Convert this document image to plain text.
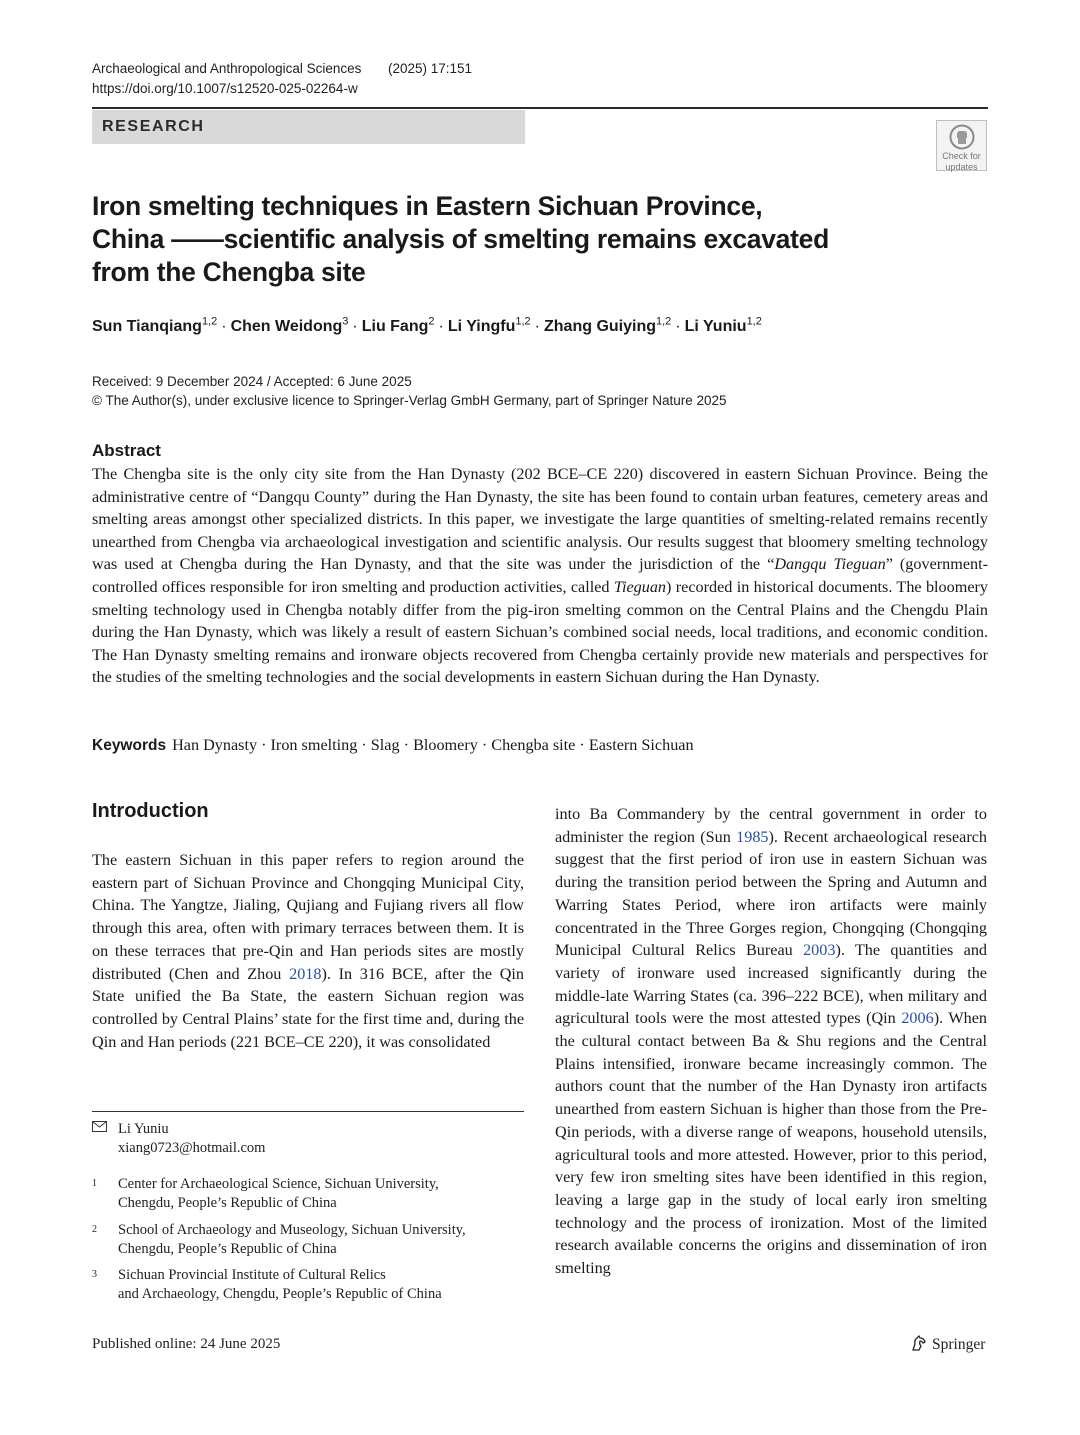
Archaeological and Anthropological Sciences (2025) 17:151
https://doi.org/10.1007/s12520-025-02264-w
RESEARCH
Check for
updates
Iron smelting techniques in Eastern Sichuan Province,
China ——scientific analysis of smelting remains excavated
from the Chengba site
Sun Tianqiang$^{1,2}$ · Chen Weidong$^3$ · Liu Fang$^2$ · Li Yingfu$^{1,2}$ · Zhang Guiying$^{1,2}$ · Li Yuniu$^{1,2}$
Received: 9 December 2024 / Accepted: 6 June 2025
© The Author(s), under exclusive licence to Springer-Verlag GmbH Germany, part of Springer Nature 2025
Abstract
The Chengba site is the only city site from the Han Dynasty (202 BCE–CE 220) discovered in eastern Sichuan Province. Being the administrative centre of “Dangqu County” during the Han Dynasty, the site has been found to contain urban features, cemetery areas and smelting areas amongst other specialized districts. In this paper, we investigate the large quantities of smelting-related remains recently unearthed from Chengba via archaeological investigation and scientific analysis. Our results suggest that bloomery smelting technology was used at Chengba during the Han Dynasty, and that the site was under the jurisdiction of the “Dangqu Tieguan” (government-controlled offices responsible for iron smelting and production activities, called Tieguan) recorded in historical documents. The bloomery smelting technology used in Chengba notably differ from the pig-iron smelting common on the Central Plains and the Chengdu Plain during the Han Dynasty, which was likely a result of eastern Sichuan’s combined social needs, local traditions, and economic condition. The Han Dynasty smelting remains and ironware objects recovered from Chengba certainly provide new materials and perspectives for the studies of the smelting technologies and the social developments in eastern Sichuan during the Han Dynasty.
Keywords Han Dynasty · Iron smelting · Slag · Bloomery · Chengba site · Eastern Sichuan
Introduction
The eastern Sichuan in this paper refers to region around the eastern part of Sichuan Province and Chongqing Municipal City, China. The Yangtze, Jialing, Qujiang and Fujiang rivers all flow through this area, often with primary terraces between them. It is on these terraces that pre-Qin and Han periods sites are mostly distributed (Chen and Zhou 2018). In 316 BCE, after the Qin State unified the Ba State, the eastern Sichuan region was controlled by Central Plains’ state for the first time and, during the Qin and Han periods (221 BCE–CE 220), it was consolidated
into Ba Commandery by the central government in order to administer the region (Sun 1985). Recent archaeological research suggest that the first period of iron use in eastern Sichuan was during the transition period between the Spring and Autumn and Warring States Period, where iron artifacts were mainly concentrated in the Three Gorges region, Chongqing (Chongqing Municipal Cultural Relics Bureau 2003). The quantities and variety of ironware used increased significantly during the middle-late Warring States (ca. 396–222 BCE), when military and agricultural tools were the most attested types (Qin 2006). When the cultural contact between Ba & Shu regions and the Central Plains intensified, ironware became increasingly common. The authors count that the number of the Han Dynasty iron artifacts unearthed from eastern Sichuan is higher than those from the Pre-Qin periods, with a diverse range of weapons, household utensils, agricultural tools and more attested. However, prior to this period, very few iron smelting sites have been identified in this region, leaving a large gap in the study of local early iron smelting technology and the process of ironization. Most of the limited research available concerns the origins and dissemination of iron smelting
Li Yuniu
xiang0723@hotmail.com
1 Center for Archaeological Science, Sichuan University,
Chengdu, People’s Republic of China
2 School of Archaeology and Museology, Sichuan University,
Chengdu, People’s Republic of China
3 Sichuan Provincial Institute of Cultural Relics
and Archaeology, Chengdu, People’s Republic of China
Published online: 24 June 2025	Springer
